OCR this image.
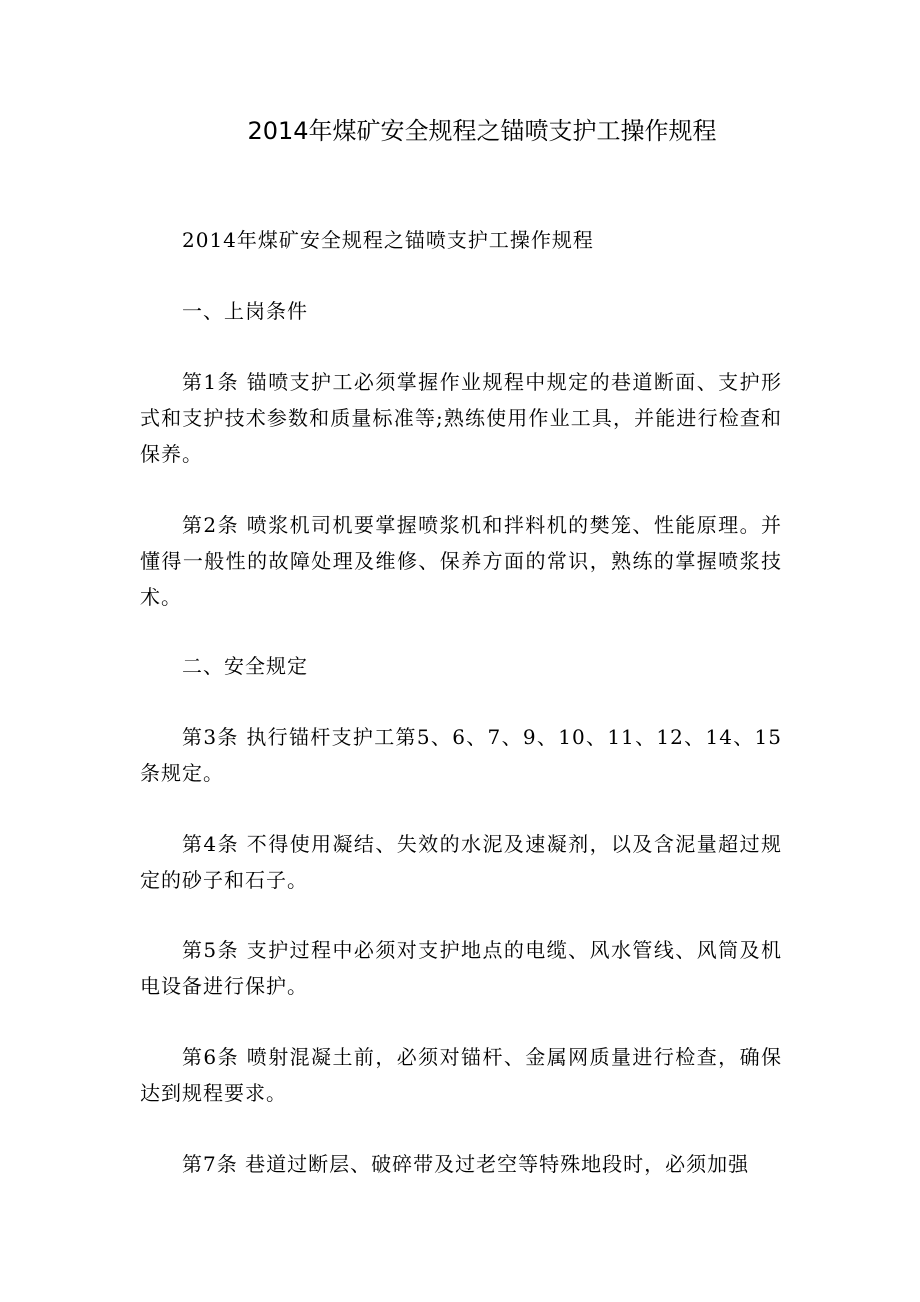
2014年煤矿安全规程之锚喷支护工操作规程

2014年煤矿安全规程之锚喷支护工操作规程

一、上岗条件

第1条 锚喷支护工必须掌握作业规程中规定的巷道断面、支护形式和支护技术参数和质量标准等;熟练使用作业工具，并能进行检查和保养。

第2条 喷浆机司机要掌握喷浆机和拌料机的樊笼、性能原理。并懂得一般性的故障处理及维修、保养方面的常识，熟练的掌握喷浆技术。

二、安全规定

第3条 执行锚杆支护工第5、6、7、9、10、11、12、14、15条规定。

第4条 不得使用凝结、失效的水泥及速凝剂，以及含泥量超过规定的砂子和石子。

第5条 支护过程中必须对支护地点的电缆、风水管线、风筒及机电设备进行保护。

第6条 喷射混凝土前，必须对锚杆、金属网质量进行检查，确保达到规程要求。

第7条 巷道过断层、破碎带及过老空等特殊地段时，必须加强
